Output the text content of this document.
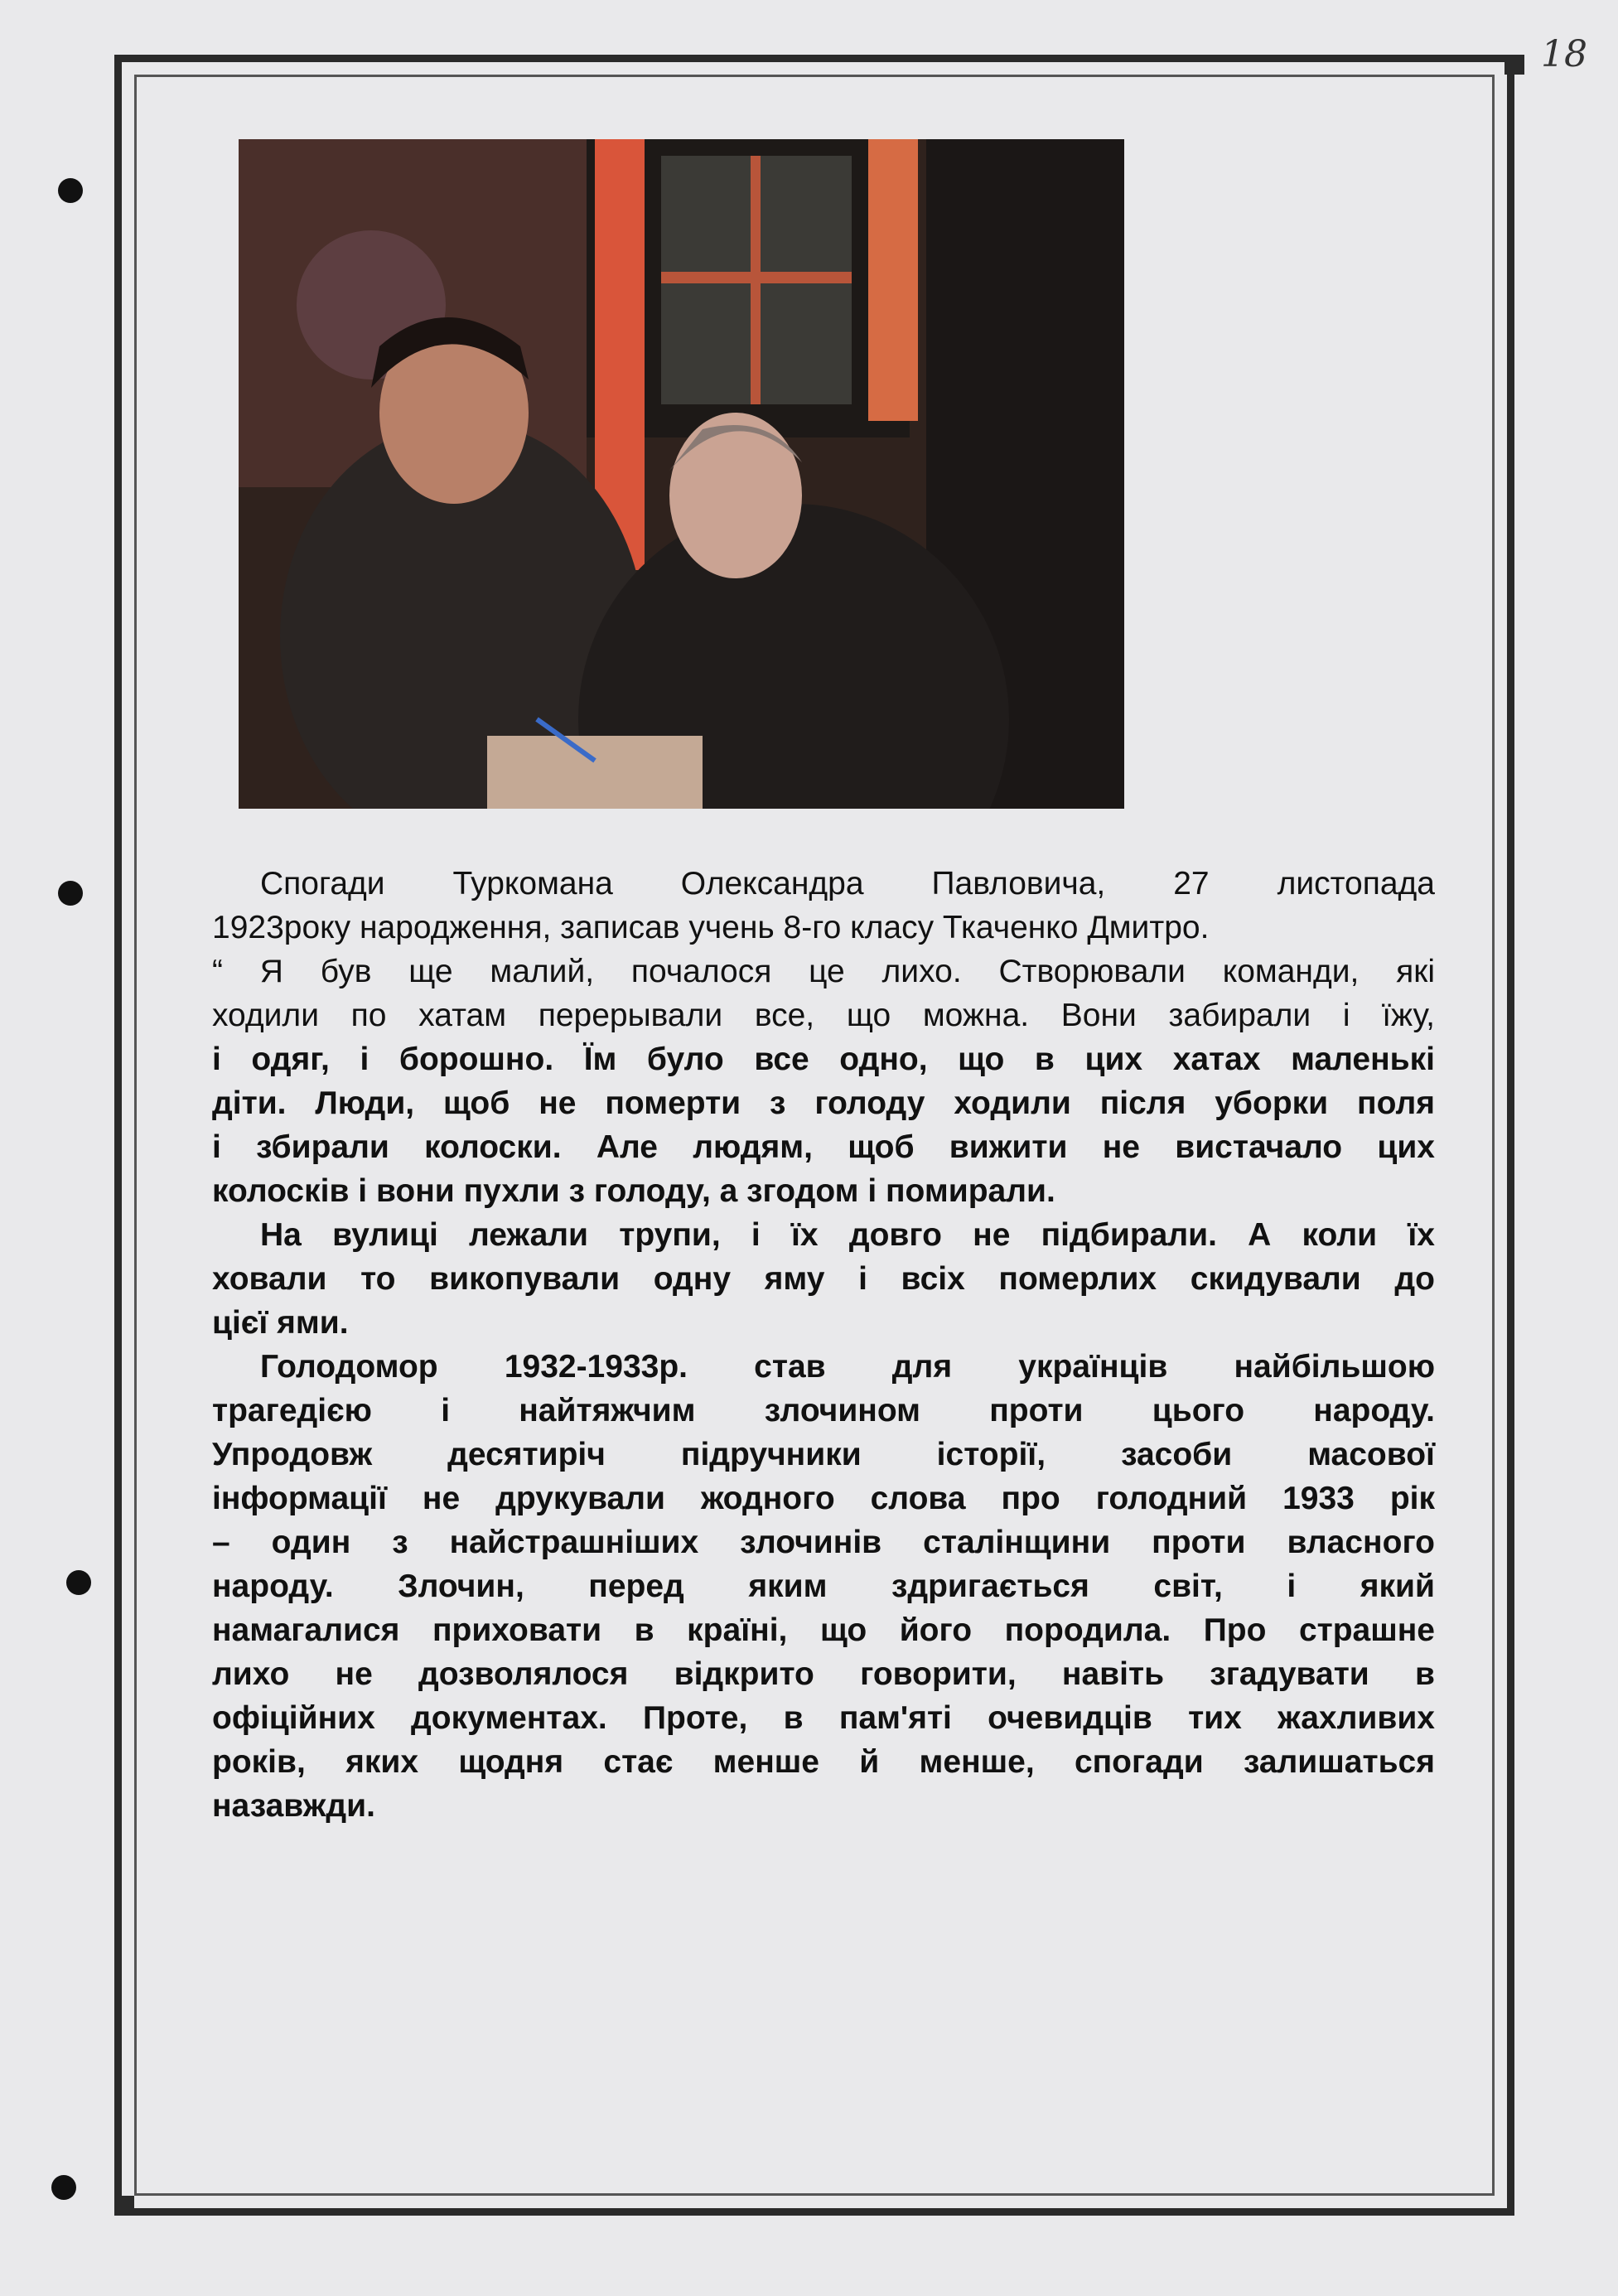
18
Спогади Туркомана Олександра Павловича, 27 листопада
1923року народження, записав учень 8-го класу Ткаченко Дмитро.
“ Я був ще малий, почалося це лихо. Створювали команди, які
ходили по хатам перерывали все, що можна. Вони забирали і їжу,
і одяг, і борошно. Їм було все одно, що в цих хатах маленькі
діти. Люди, щоб не померти з голоду ходили після уборки поля
і збирали колоски. Але людям, щоб вижити не вистачало цих
колосків і вони пухли з голоду, а згодом і помирали.
На вулиці лежали трупи, і їх довго не підбирали. А коли їх
ховали то викопували одну яму і всіх померлих скидували до
цієї ями.
Голодомор 1932-1933р. став для українців найбільшою
трагедією і найтяжчим злочином проти цього народу.
Упродовж десятиріч підручники історії, засоби масової
інформації не друкували жодного слова про голодний 1933 рік
– один з найстрашніших злочинів сталінщини проти власного
народу. Злочин, перед яким здригається світ, і який
намагалися приховати в країні, що його породила. Про страшне
лихо не дозволялося відкрито говорити, навіть згадувати в
офіційних документах. Проте, в пам'яті очевидців тих жахливих
років, яких щодня стає менше й менше, спогади залишаться
назавжди.
